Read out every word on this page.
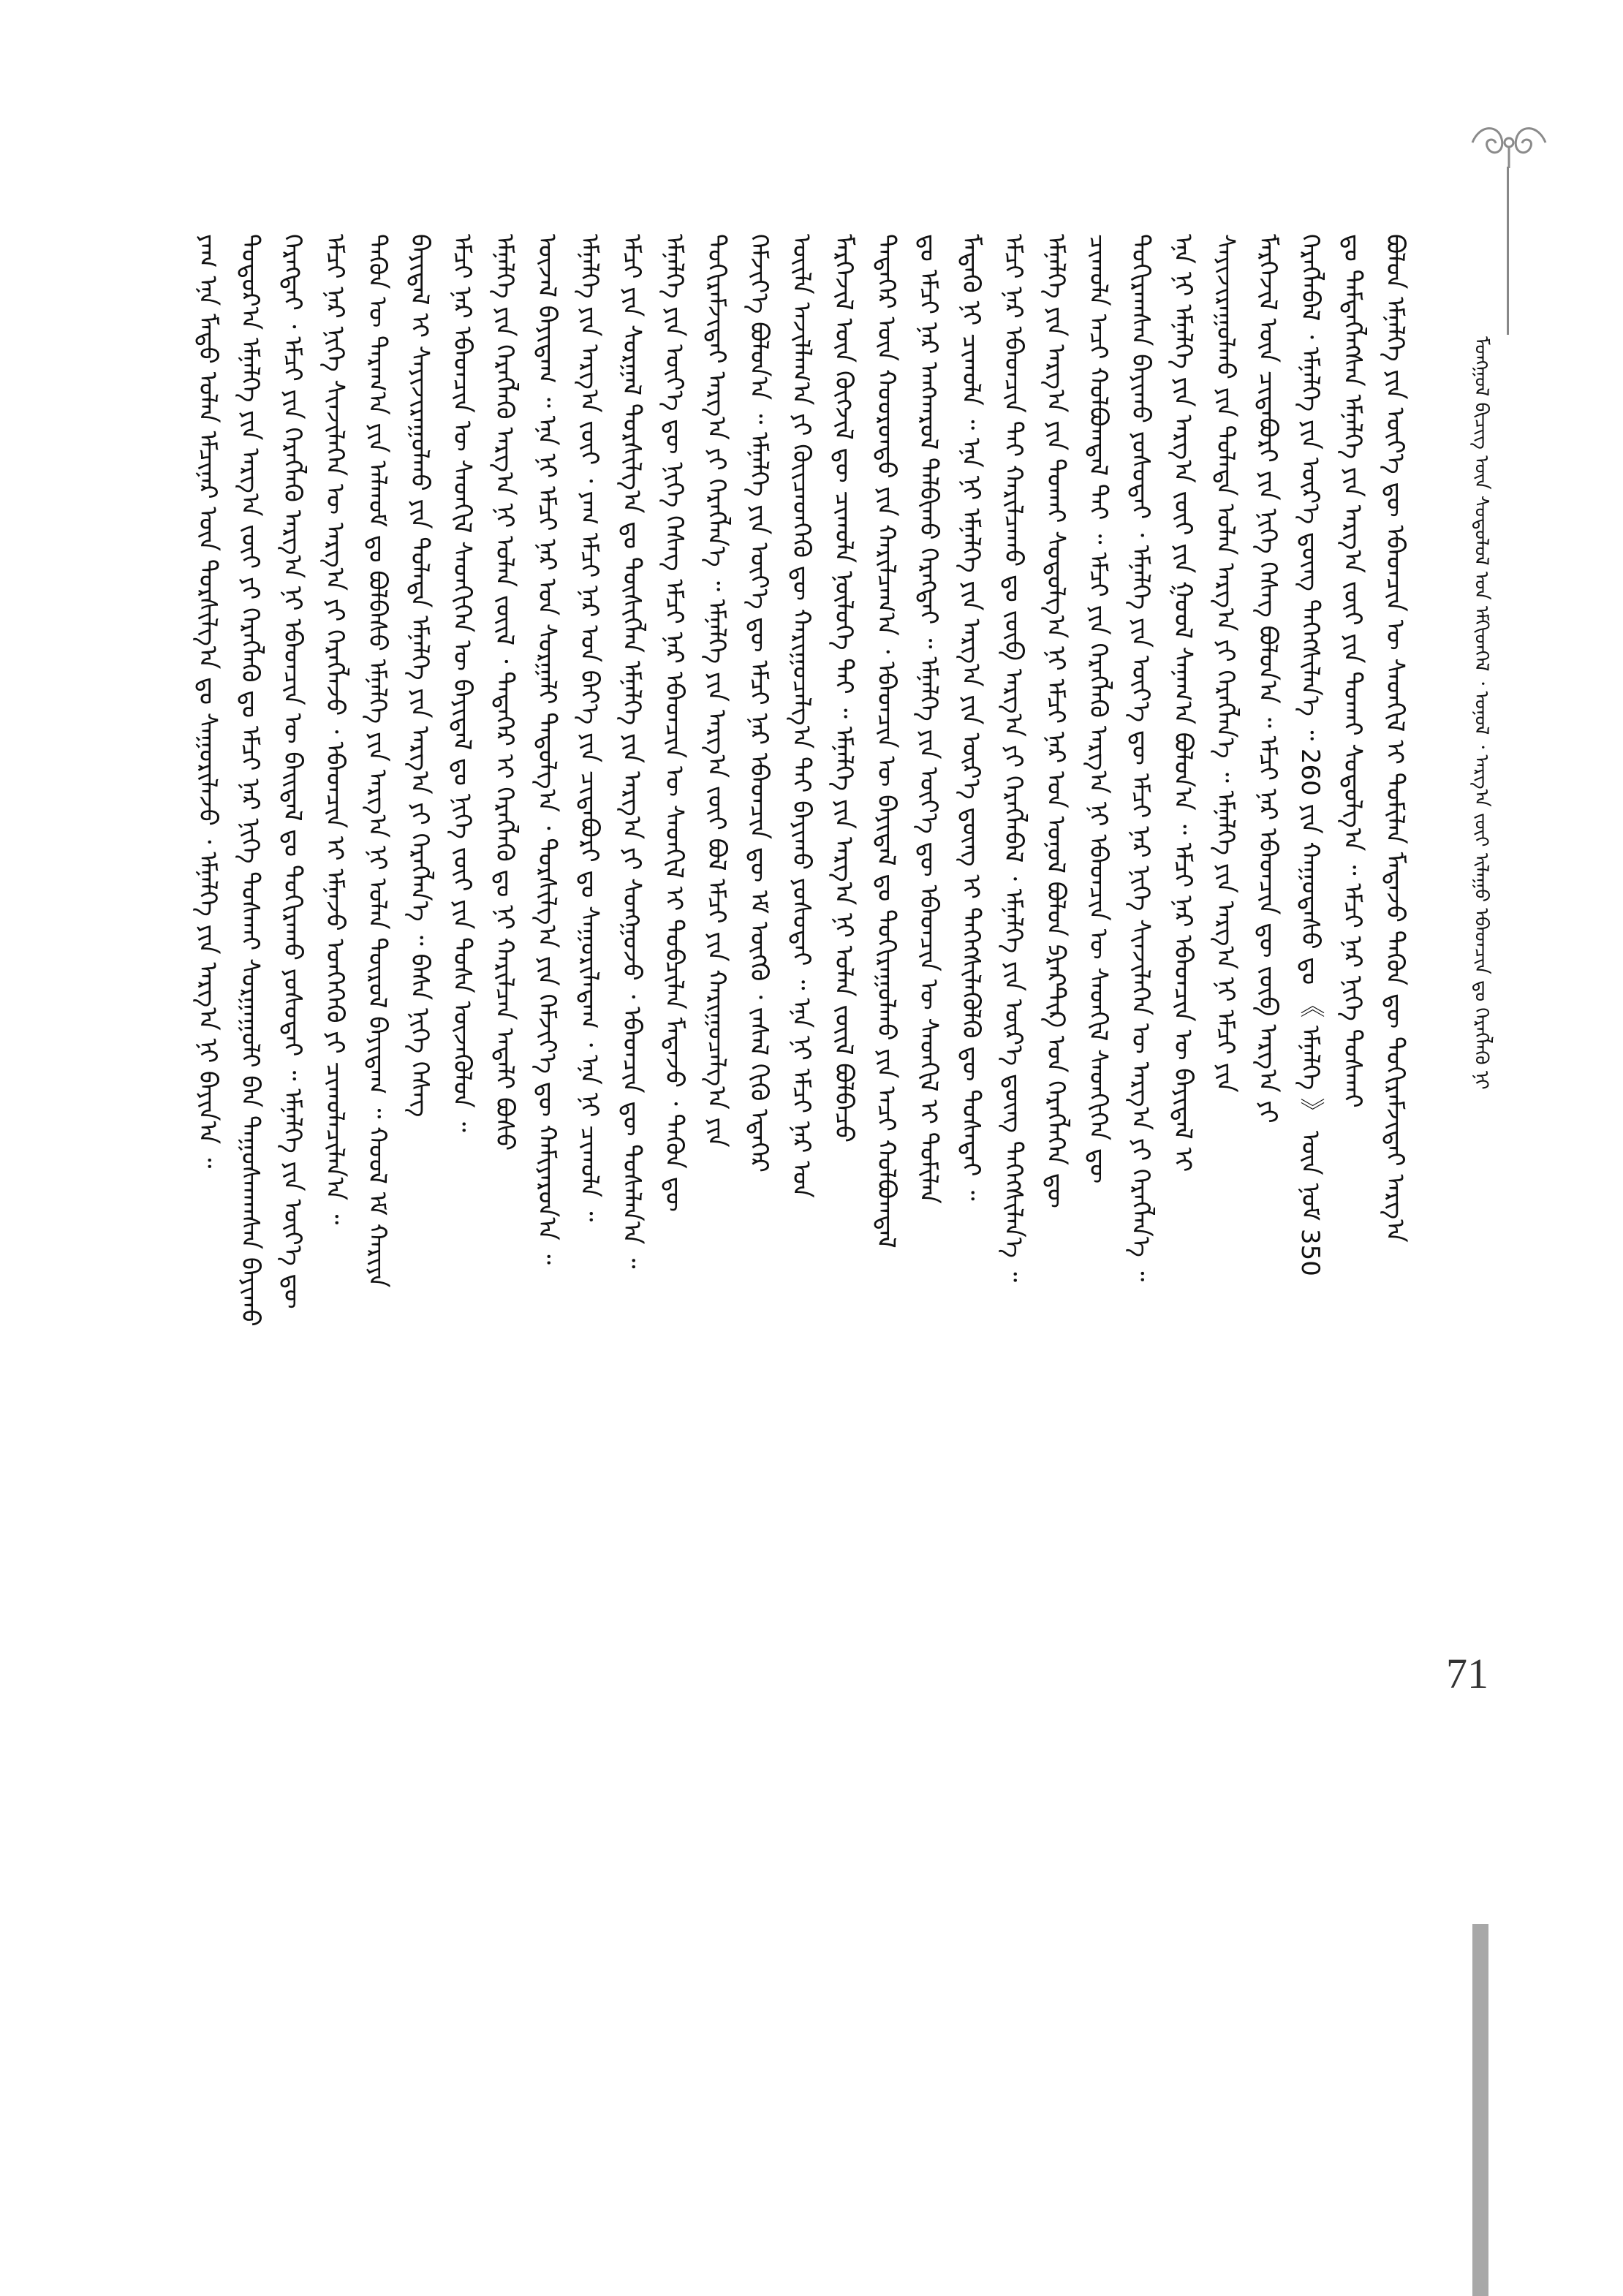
ᠮᠣᠩᠭᠣᠯ ᠪᠢᠴᠢᠭ ᠦᠨ ᠰᠤᠳᠤᠯᠤᠯ ᠤᠨ ᠡᠮᠬᠢᠳᠬᠡᠯ ᠂ ᠣᠨᠣᠯ ᠂ ᠠᠷᠭ᠎ᠠ ᠵᠦᠢ ᠢᠯᠠᠭᠤ ᠡᠪᠡᠳᠴᠢᠨ ᠳᠤ ᠬᠡᠷᠡᠭᠯᠡᠬᠦ ᠨᠢ
ᠶᠠᠭ ᠡᠨᠡ ᠮᠡᠲᠦ ᠣᠯᠠᠨ ᠡᠮᠴᠢᠨᠡᠷ ᠦᠨ ᠲᠤᠷᠰᠢᠯᠭ᠎ᠠ ᠳᠤ ᠰᠠᠭᠤᠷᠢᠯᠠᠵᠤ ᠂ ᠡᠮᠨᠡᠯᠭᠡ ᠶᠢᠨ ᠠᠷᠭ᠎ᠠ ᠨᠢ ᠪᠠᠶᠢᠨ᠎ᠠ ᠃ ᠳᠣᠲᠤᠷ᠎ᠠ ᠡᠮᠨᠡᠯᠭᠡ ᠶᠢᠨ ᠠᠷᠭ᠎ᠠ ᠵᠦᠢ ᠶᠢ ᠬᠡᠷᠡᠭᠯᠡᠬᠦ ᠳᠤ ᠡᠮᠴᠢ ᠨᠠᠷ ᠨᠢᠭᠡ ᠲᠤᠰᠬᠠᠢ ᠰᠤᠷᠭᠠᠭᠤᠯᠢ ᠪᠠᠨ ᠳᠠᠭᠤᠰᠬᠠᠭᠰᠠᠨ ᠪᠠᠶᠢᠬᠤ ᠬᠡᠷᠡᠭᠲᠡᠢ ᠂ ᠡᠮᠴᠢ ᠶᠢᠨ ᠬᠡᠷᠡᠭᠯᠡᠬᠦ ᠠᠷᠭ᠎ᠠ ᠨᠢ ᠡᠪᠡᠳᠴᠢᠨ ᠦ ᠪᠠᠢᠳᠠᠯ ᠳᠤ ᠲᠣᠬᠢᠷᠠᠬᠤ ᠶᠣᠰᠣᠲᠠᠢ ᠃ ᠡᠮᠨᠡᠯᠭᠡ ᠶᠢᠨ ᠦᠶ᠎ᠡ ᠳᠦ ᠡᠮᠴᠢ ᠨᠠᠷ ᠨᠢᠭᠡ ᠰᠢᠨᠵᠢᠯᠡᠭᠡᠨ ᠦ ᠠᠷᠭ᠎ᠠ ᠶᠢ ᠬᠡᠷᠡᠭᠯᠡᠵᠦ ᠂ ᠡᠪᠡᠳᠴᠢᠨ ᠢ ᠡᠮᠨᠡᠵᠦ ᠡᠳᠭᠡᠭᠡᠬᠦ ᠶᠢ ᠴᠢᠬᠤᠯᠠᠴᠢᠯᠠᠨ᠎ᠠ ᠃ ᠲᠡᠭᠦᠨ ᠦ ᠳᠠᠷᠠᠭ᠎ᠠ ᠶᠢᠨ ᠠᠯᠬᠤᠮ ᠳᠤ ᠪᠣᠯᠪᠠᠰᠤ ᠡᠮᠨᠡᠯᠭᠡ ᠶᠢᠨ ᠠᠷᠭ᠎ᠠ ᠨᠢ ᠣᠯᠠᠨ ᠲᠥᠷᠥᠯ ᠪᠠᠶᠢᠳᠠᠭ ᠃ ᠬᠣᠣᠯ ᠡᠮ ᠬᠠᠷᠢᠶᠠ ᠪᠠᠶᠢᠳᠠᠯ ᠢ ᠰᠠᠶᠢᠵᠢᠷᠠᠭᠤᠯᠬᠤ ᠶᠢᠨ ᠲᠤᠯᠠᠳᠠ ᠡᠮᠨᠡᠯᠭᠡ ᠶᠢᠨ ᠠᠷᠭ᠎ᠠ ᠶᠢ ᠬᠡᠷᠡᠭᠯᠡᠨ᠎ᠡ ᠃ ᠪᠠᠰᠠ ᠨᠢᠭᠡ ᠬᠡᠰᠡᠭ ᠡᠮᠴᠢ ᠨᠠᠷ ᠡᠪᠡᠳᠴᠢᠨ ᠦ ᠰᠡᠳᠬᠢᠯ ᠰᠡᠳᠬᠢᠭᠡᠨ ᠦ ᠪᠠᠶᠢᠳᠠᠯ ᠳᠤ ᠨᠢᠭᠡ ᠵᠦᠢ ᠶᠢᠨ ᠲᠤᠰᠠ ᠦᠵᠡᠭᠦᠯᠦᠨ ᠃ ᠡᠮᠨᠡᠯᠭᠡ ᠶᠢᠨ ᠬᠡᠷᠡᠭᠯᠡᠬᠦ ᠠᠷᠭ᠎ᠠ ᠨᠢ ᠣᠯᠠᠨ ᠵᠦᠢᠯ ᠂ ᠲᠡᠳᠡᠭᠡᠷ ᠢ ᠬᠡᠷᠡᠭᠯᠡᠬᠦ ᠳᠤ ᠨᠢ ᠬᠠᠷᠢᠯᠴᠠᠨ ᠠᠳᠠᠯᠢ ᠪᠤᠰᠤ ᠦᠵᠡᠯ ᠪᠠᠶᠢᠳᠠᠭ ᠃ ᠡᠨᠡ ᠨᠢ ᠡᠮᠴᠢ ᠨᠠᠷ ᠤᠨ ᠰᠤᠷᠭᠠᠯᠢ ᠳᠠᠳᠤᠯᠭ᠎ᠠ ᠂ ᠲᠤᠷᠰᠢᠯᠭ᠎ᠠ ᠶᠢᠨ ᠬᠡᠮᠵᠢᠶ᠎ᠡ ᠳᠦ ᠬᠠᠮᠢᠶᠠᠷᠤᠨ᠎ᠠ ᠃ ᠡᠮᠨᠡᠯᠭᠡ ᠶᠢᠨ ᠠᠷᠭ᠎ᠠ ᠵᠦᠢ ᠂ ᠶᠠᠭ ᠡᠮᠴᠢ ᠨᠠᠷ ᠤᠨ ᠪᠡᠶ᠎ᠡ ᠶᠢᠨ ᠴᠢᠳᠠᠪᠤᠷᠢ ᠳᠤ ᠰᠠᠭᠤᠷᠢᠯᠠᠳᠠᠭ ᠂ ᠡᠨᠡ ᠨᠢ ᠴᠢᠬᠤᠯᠠ ᠃ ᠡᠮᠴᠢ ᠶᠢᠨ ᠰᠤᠷᠭᠠᠯ ᠲᠤᠷᠰᠢᠯᠭ᠎ᠠ ᠳᠤ ᠲᠦᠰᠢᠭᠯᠡᠨ ᠡᠮᠨᠡᠯᠭᠡ ᠶᠢᠨ ᠠᠷᠭ᠎ᠠ ᠶᠢ ᠰᠣᠩᠭᠣᠵᠤ ᠂ ᠡᠪᠡᠳᠴᠢᠨ ᠳᠦ ᠲᠤᠰᠠᠯᠠᠨ᠎ᠠ ᠃ ᠡᠮᠨᠡᠯᠭᠡ ᠶᠢᠨ ᠦᠶ᠎ᠡ ᠳᠦ ᠨᠢᠭᠡ ᠬᠡᠰᠡᠭ ᠡᠮᠴᠢ ᠨᠠᠷ ᠡᠪᠡᠳᠴᠢᠨ ᠦ ᠰᠡᠳᠬᠢᠯ ᠢ ᠲᠣᠪᠴᠢᠯᠠᠨ ᠮᠡᠳᠡᠵᠦ ᠂ ᠲᠡᠭᠦᠨ ᠳᠦ ᠲᠣᠬᠢᠷᠠᠮᠵᠢᠲᠠᠢ ᠠᠷᠭ᠎ᠠ ᠶᠢ ᠬᠡᠷᠡᠭᠯᠡᠨ᠎ᠡ ᠃ ᠡᠮᠨᠡᠯᠭᠡ ᠶᠢᠨ ᠠᠷᠭ᠎ᠠ ᠵᠦᠢ ᠪᠣᠯ ᠡᠮᠴᠢ ᠶᠢᠨ ᠬᠠᠷᠢᠭᠤᠴᠠᠯᠭ᠎ᠠ ᠶᠢᠨ ᠬᠡᠮᠵᠢᠶ᠎ᠡ ᠪᠣᠯᠤᠨ᠎ᠠ ᠃ ᠡᠮᠨᠡᠯᠭᠡ ᠶᠢᠨ ᠦᠶ᠎ᠡ ᠳᠦ ᠡᠮᠴᠢ ᠨᠠᠷ ᠡᠪᠡᠳᠴᠢᠨ ᠳᠦ ᠡᠮ ᠥᠭᠬᠦ ᠂ ᠵᠠᠰᠠᠯ ᠬᠢᠬᠦ ᠡᠳᠡᠭᠡᠷ ᠦᠢᠯᠡ ᠠᠵᠢᠯᠯᠠᠭ᠎ᠠ ᠶᠢ ᠭᠦᠢᠴᠡᠳᠭᠡᠬᠦ ᠳᠦ ᠬᠠᠷᠢᠭᠤᠴᠠᠯᠭ᠎ᠠ ᠲᠠᠢ ᠪᠠᠶᠢᠬᠤ ᠶᠣᠰᠣᠲᠠᠢ ᠃ ᠡᠨᠡ ᠨᠢ ᠡᠮᠴᠢ ᠨᠠᠷ ᠤᠨ ᠮᠡᠷᠭᠡᠵᠢᠯ ᠦᠨ ᠬᠥᠭᠵᠢᠯ ᠳᠦ ᠴᠢᠬᠤᠯᠠ ᠨᠥᠯᠦᠭᠡ ᠲᠠᠢ ᠃ ᠡᠮᠨᠡᠯᠭᠡ ᠶᠢᠨ ᠠᠷᠭ᠎ᠠ ᠨᠢ ᠣᠯᠠᠨ ᠵᠦᠢᠯ ᠪᠣᠯᠪᠠᠴᠤ ᠲᠡᠳᠡᠭᠡᠷ ᠦᠨ ᠬᠣᠣᠷᠣᠨᠳᠤ ᠶᠢᠨ ᠬᠠᠷᠢᠯᠴᠠᠭ᠎ᠠ ᠂ ᠡᠪᠡᠳᠴᠢᠨ ᠦ ᠪᠠᠶᠢᠳᠠᠯ ᠳᠤ ᠲᠣᠬᠢᠷᠠᠭᠤᠯᠬᠤ ᠶᠢᠨ ᠠᠴᠢ ᠬᠣᠯᠪᠣᠭᠳᠠᠯ ᠳᠤ ᠡᠮᠴᠢ ᠨᠠᠷ ᠠᠩᠬᠠᠷᠤᠯ ᠲᠠᠯᠪᠢᠬᠤ ᠬᠡᠷᠡᠭᠲᠡᠢ ᠃ ᠡᠮᠨᠡᠯᠭᠡ ᠶᠢᠨ ᠦᠶ᠎ᠡ ᠳᠦ ᠡᠪᠡᠳᠴᠢᠨ ᠦ ᠰᠡᠳᠬᠢᠯ ᠢ ᠲᠣᠮᠢᠯᠠᠨ ᠮᠡᠳᠡᠬᠦ ᠨᠢ ᠴᠢᠬᠤᠯᠠ ᠃ ᠡᠨᠡ ᠨᠢ ᠡᠮᠨᠡᠯᠭᠡ ᠶᠢᠨ ᠠᠷᠭ᠎ᠠ ᠶᠢᠨ ᠦᠷ᠎ᠡ ᠳ᠋ᠦᠩ ᠢ ᠳᠡᠭᠡᠭᠰᠢᠯᠡᠭᠦᠯᠬᠦ ᠳᠦ ᠲᠤᠰᠠᠲᠠᠢ ᠃ ᠡᠮᠴᠢ ᠨᠠᠷ ᠡᠪᠡᠳᠴᠢᠨ ᠲᠡᠢ ᠬᠠᠷᠢᠯᠴᠠᠬᠤ ᠳᠤ ᠵᠥᠪ ᠠᠷᠭ᠎ᠠ ᠶᠢ ᠬᠡᠷᠡᠭᠯᠡᠪᠡᠯ ᠂ ᠡᠮᠨᠡᠯᠭᠡ ᠶᠢᠨ ᠦᠷ᠎ᠡ ᠳ᠋ᠦᠩ ᠳᠡᠭᠡᠭᠰᠢᠯᠡᠨ᠎ᠡ ᠃ ᠡᠮᠨᠡᠯᠭᠡ ᠶᠢᠨ ᠠᠷᠭ᠎ᠠ ᠶᠢᠨ ᠲᠤᠬᠠᠢ ᠰᠤᠳᠤᠯᠭ᠎ᠠ ᠨᠢ ᠡᠮᠴᠢ ᠨᠠᠷ ᠤᠨ ᠣᠨᠣᠯ ᠪᠣᠯᠤᠨ ᠫᠷᠠᠺᠲ᠋ᠢᠺ ᠤᠨ ᠬᠡᠷᠡᠭᠯᠡᠭᠡᠨ ᠳᠦ ᠴᠢᠬᠤᠯᠠ ᠠᠴᠢ ᠬᠣᠯᠪᠣᠭᠳᠠᠯ ᠲᠠᠢ ᠃ ᠡᠮᠴᠢ ᠶᠢᠨ ᠬᠡᠷᠡᠭᠯᠡᠬᠦ ᠠᠷᠭ᠎ᠠ ᠨᠢ ᠡᠪᠡᠳᠴᠢᠨ ᠦ ᠰᠡᠳᠬᠢᠯ ᠰᠡᠳᠬᠢᠭᠡᠨ ᠳᠦ ᠲᠣᠬᠢᠷᠠᠭᠰᠠᠨ ᠪᠠᠶᠢᠬᠤ ᠶᠣᠰᠣᠲᠠᠢ ᠂ ᠡᠮᠨᠡᠯᠭᠡ ᠶᠢᠨ ᠦᠶ᠎ᠡ ᠳᠦ ᠡᠮᠴᠢ ᠨᠠᠷ ᠨᠢᠭᠡ ᠰᠢᠨᠵᠢᠯᠡᠭᠡᠨ ᠦ ᠠᠷᠭ᠎ᠠ ᠶᠢ ᠬᠡᠷᠡᠭᠯᠡᠨ᠎ᠡ ᠃ ᠡᠨᠡ ᠨᠢ ᠡᠮᠨᠡᠯᠭᠡ ᠶᠢᠨ ᠠᠷᠭ᠎ᠠ ᠵᠦᠢ ᠶᠢᠨ ᠭᠣᠣᠯ ᠰᠠᠨᠠᠭ᠎ᠠ ᠪᠣᠯᠤᠨ᠎ᠠ ᠃ ᠡᠮᠴᠢ ᠨᠠᠷ ᠡᠪᠡᠳᠴᠢᠨ ᠦ ᠪᠠᠶᠢᠳᠠᠯ ᠢ ᠰᠠᠶᠢᠵᠢᠷᠠᠭᠤᠯᠬᠤ ᠶᠢᠨ ᠲᠤᠯᠠᠳᠠ ᠣᠯᠠᠨ ᠠᠷᠭ᠎ᠠ ᠶᠢ ᠬᠡᠷᠡᠭᠯᠡᠨ᠎ᠡ ᠃ ᠡᠮᠨᠡᠯᠭᠡ ᠶᠢᠨ ᠠᠷᠭ᠎ᠠ ᠨᠢ ᠡᠮᠴᠢ ᠶᠢᠨ ᠮᠡᠷᠭᠡᠵᠢᠯ ᠦᠨ ᠴᠢᠳᠠᠪᠤᠷᠢ ᠶᠢᠨ ᠨᠢᠭᠡ ᠬᠡᠰᠡᠭ ᠪᠣᠯᠤᠨ᠎ᠠ ᠃ ᠡᠮᠴᠢ ᠨᠠᠷ ᠡᠪᠡᠳᠴᠢᠨ ᠳᠦ ᠵᠥᠪ ᠠᠷᠭ᠎ᠠ ᠶᠢ ᠬᠡᠷᠡᠭᠯᠡᠪᠡᠯ ᠂ ᠡᠮᠨᠡᠯᠭᠡ ᠶᠢᠨ ᠦᠷ᠎ᠡ ᠳ᠋ᠦᠩ ᠳᠡᠭᠡᠭᠰᠢᠯᠡᠨ᠎ᠡ ᠃ 260 ᠶᠢᠨ ᠬᠠᠭᠤᠳᠠᠰᠤ ᠳᠤ 《 ᠡᠮᠨᠡᠯᠭᠡ 》 ᠦᠨ ᠨᠣᠮ 350 ᠳᠤ ᠲᠡᠮᠳᠡᠭᠯᠡᠭᠰᠡᠨ ᠡᠮᠨᠡᠯᠭᠡ ᠶᠢᠨ ᠠᠷᠭ᠎ᠠ ᠵᠦᠢ ᠶᠢᠨ ᠲᠤᠬᠠᠢ ᠰᠤᠳᠤᠯᠭ᠎ᠠ ᠃ ᠡᠮᠴᠢ ᠨᠠᠷ ᠨᠢᠭᠡ ᠲᠤᠰᠬᠠᠢ ᠪᠣᠯᠤᠨ ᠡᠮᠨᠡᠯᠭᠡ ᠶᠢᠨ ᠦᠶ᠎ᠡ ᠳᠦ ᠡᠪᠡᠳᠴᠢᠨ ᠦ ᠰᠡᠳᠬᠢᠯ ᠢ ᠲᠣᠮᠢᠯᠠᠨ ᠮᠡᠳᠡᠵᠦ ᠲᠡᠭᠦᠨ ᠳᠦ ᠲᠣᠬᠢᠷᠠᠮᠵᠢᠲᠠᠢ ᠠᠷᠭ᠎ᠠ
71
